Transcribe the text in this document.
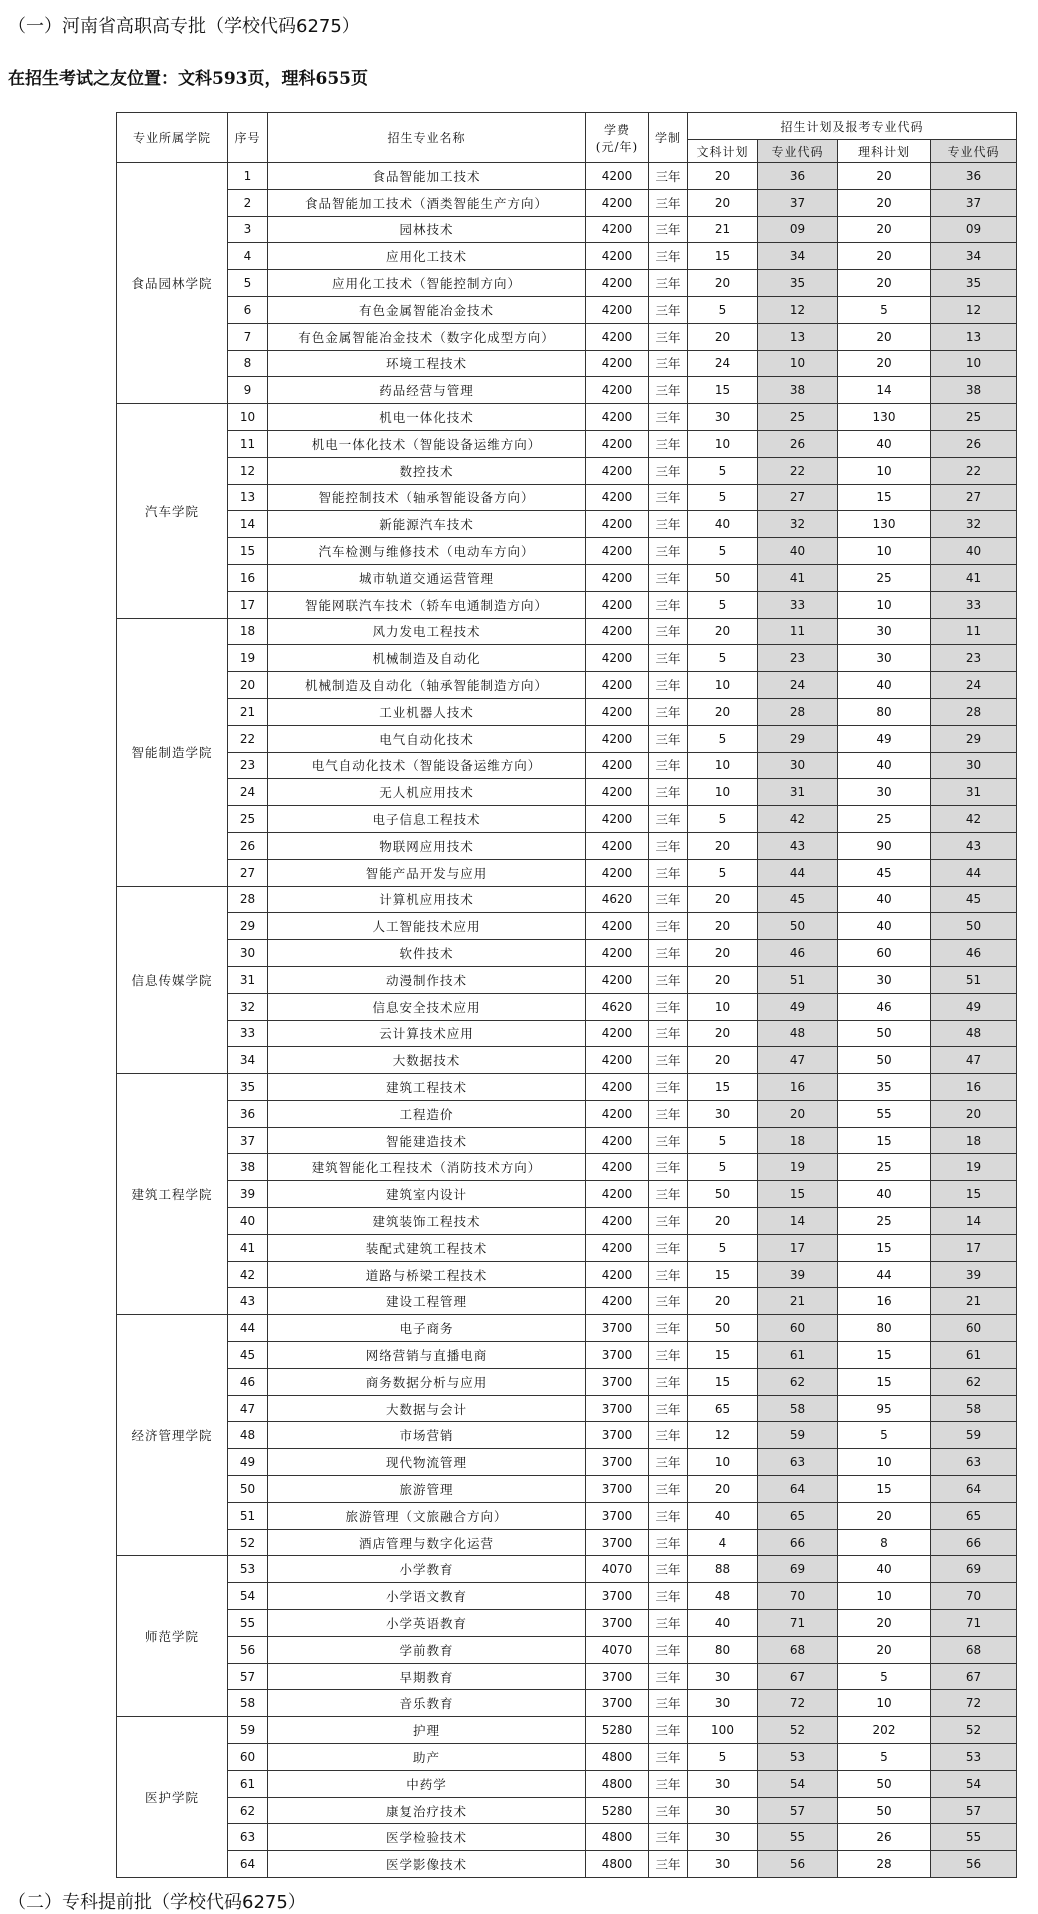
（一）河南省高职高专批（学校代码6275）
在招生考试之友位置：文科593页，理科655页
专业所属学院	序号	招生专业名称	学费
(元/年)	学制	招生计划及报考专业代码			
					文科计划	专业代码	理科计划	专业代码
食品园林学院	1	食品智能加工技术	4200	三年	20	36	20	36
	2	食品智能加工技术（酒类智能生产方向）	4200	三年	20	37	20	37
	3	园林技术	4200	三年	21	09	20	09
	4	应用化工技术	4200	三年	15	34	20	34
	5	应用化工技术（智能控制方向）	4200	三年	20	35	20	35
	6	有色金属智能冶金技术	4200	三年	5	12	5	12
	7	有色金属智能冶金技术（数字化成型方向）	4200	三年	20	13	20	13
	8	环境工程技术	4200	三年	24	10	20	10
	9	药品经营与管理	4200	三年	15	38	14	38
汽车学院	10	机电一体化技术	4200	三年	30	25	130	25
	11	机电一体化技术（智能设备运维方向）	4200	三年	10	26	40	26
	12	数控技术	4200	三年	5	22	10	22
	13	智能控制技术（轴承智能设备方向）	4200	三年	5	27	15	27
	14	新能源汽车技术	4200	三年	40	32	130	32
	15	汽车检测与维修技术（电动车方向）	4200	三年	5	40	10	40
	16	城市轨道交通运营管理	4200	三年	50	41	25	41
	17	智能网联汽车技术（轿车电通制造方向）	4200	三年	5	33	10	33
智能制造学院	18	风力发电工程技术	4200	三年	20	11	30	11
	19	机械制造及自动化	4200	三年	5	23	30	23
	20	机械制造及自动化（轴承智能制造方向）	4200	三年	10	24	40	24
	21	工业机器人技术	4200	三年	20	28	80	28
	22	电气自动化技术	4200	三年	5	29	49	29
	23	电气自动化技术（智能设备运维方向）	4200	三年	10	30	40	30
	24	无人机应用技术	4200	三年	10	31	30	31
	25	电子信息工程技术	4200	三年	5	42	25	42
	26	物联网应用技术	4200	三年	20	43	90	43
	27	智能产品开发与应用	4200	三年	5	44	45	44
信息传媒学院	28	计算机应用技术	4620	三年	20	45	40	45
	29	人工智能技术应用	4200	三年	20	50	40	50
	30	软件技术	4200	三年	20	46	60	46
	31	动漫制作技术	4200	三年	20	51	30	51
	32	信息安全技术应用	4620	三年	10	49	46	49
	33	云计算技术应用	4200	三年	20	48	50	48
	34	大数据技术	4200	三年	20	47	50	47
建筑工程学院	35	建筑工程技术	4200	三年	15	16	35	16
	36	工程造价	4200	三年	30	20	55	20
	37	智能建造技术	4200	三年	5	18	15	18
	38	建筑智能化工程技术（消防技术方向）	4200	三年	5	19	25	19
	39	建筑室内设计	4200	三年	50	15	40	15
	40	建筑装饰工程技术	4200	三年	20	14	25	14
	41	装配式建筑工程技术	4200	三年	5	17	15	17
	42	道路与桥梁工程技术	4200	三年	15	39	44	39
	43	建设工程管理	4200	三年	20	21	16	21
经济管理学院	44	电子商务	3700	三年	50	60	80	60
	45	网络营销与直播电商	3700	三年	15	61	15	61
	46	商务数据分析与应用	3700	三年	15	62	15	62
	47	大数据与会计	3700	三年	65	58	95	58
	48	市场营销	3700	三年	12	59	5	59
	49	现代物流管理	3700	三年	10	63	10	63
	50	旅游管理	3700	三年	20	64	15	64
	51	旅游管理（文旅融合方向）	3700	三年	40	65	20	65
	52	酒店管理与数字化运营	3700	三年	4	66	8	66
师范学院	53	小学教育	4070	三年	88	69	40	69
	54	小学语文教育	3700	三年	48	70	10	70
	55	小学英语教育	3700	三年	40	71	20	71
	56	学前教育	4070	三年	80	68	20	68
	57	早期教育	3700	三年	30	67	5	67
	58	音乐教育	3700	三年	30	72	10	72
医护学院	59	护理	5280	三年	100	52	202	52
	60	助产	4800	三年	5	53	5	53
	61	中药学	4800	三年	30	54	50	54
	62	康复治疗技术	5280	三年	30	57	50	57
	63	医学检验技术	4800	三年	30	55	26	55
	64	医学影像技术	4800	三年	30	56	28	56
（二）专科提前批（学校代码6275）
